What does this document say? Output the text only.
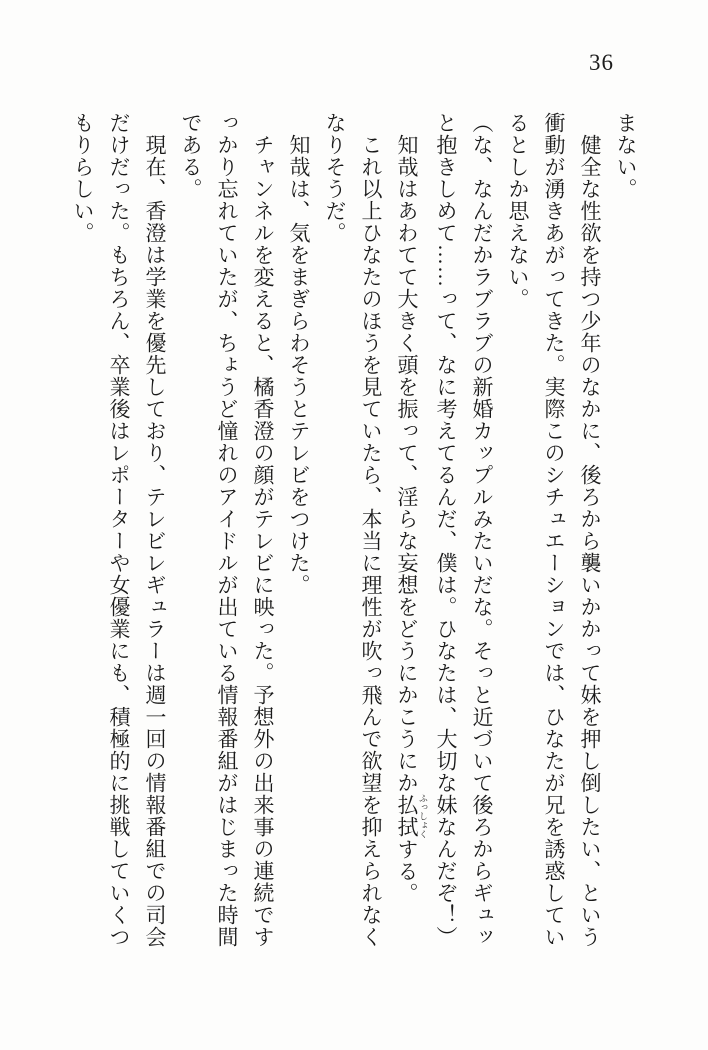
36

まない。

　健全な性欲を持つ少年のなかに、後ろから襲いかかって妹を押し倒したい、という

衝動が湧きあがってきた。実際このシチュエーションでは、ひなたが兄を誘惑してい

るとしか思えない。

（な、なんだかラブラブの新婚カップルみたいだな。そっと近づいて後ろからギュッ

と抱きしめて……って、なに考えてるんだ、僕は。ひなたは、大切な妹なんだぞ！）

　知哉はあわてて大きく頭を振って、淫らな妄想をどうにかこうにか払拭 ふっしょくする。

　これ以上ひなたのほうを見ていたら、本当に理性が吹っ飛んで欲望を抑えられなく

なりそうだ。

　知哉は、気をまぎらわそうとテレビをつけた。

　チャンネルを変えると、橘香澄の顔がテレビに映った。予想外の出来事の連続です

っかり忘れていたが、ちょうど憧れのアイドルが出ている情報番組がはじまった時間

である。

　現在、香澄は学業を優先しており、テレビレギュラーは週一回の情報番組での司会

だけだった。もちろん、卒業後はレポーターや女優業にも、積極的に挑戦していくつ

もりらしい。
